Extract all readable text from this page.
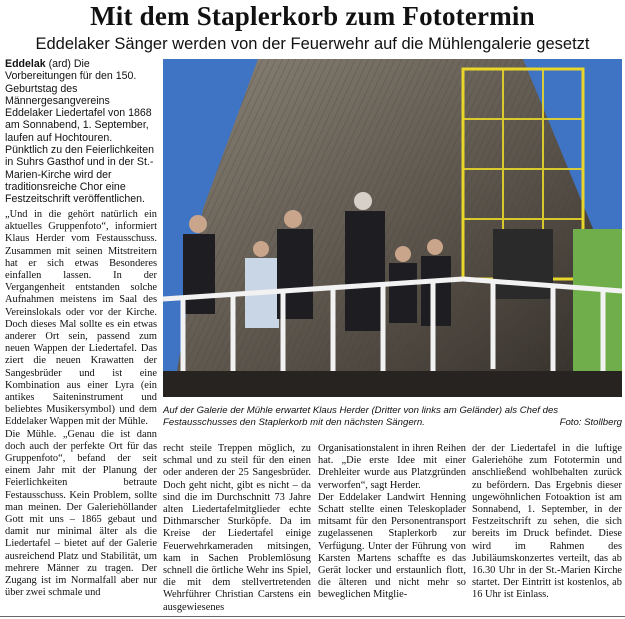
Mit dem Staplerkorb zum Fototermin
Eddelaker Sänger werden von der Feuerwehr auf die Mühlengalerie gesetzt
Eddelak (ard) Die Vorbereitungen für den 150. Geburtstag des Männergesangvereins Eddelaker Liedertafel von 1868 am Sonnabend, 1. September, laufen auf Hochtouren. Pünktlich zu den Feierlichkeiten in Suhrs Gasthof und in der St.-Marien-Kirche wird der traditionsreiche Chor eine Festzeitschrift veröffentlichen.
„Und in die gehört natürlich ein aktuelles Gruppenfoto“, informiert Klaus Herder vom Festausschuss. Zusammen mit seinen Mitstreitern hat er sich etwas Besonderes einfallen lassen. In der Vergangenheit entstanden solche Aufnahmen meistens im Saal des Vereinslokals oder vor der Kirche. Doch dieses Mal sollte es ein etwas anderer Ort sein, passend zum neuen Wappen der Liedertafel. Das ziert die neuen Krawatten der Sangesbrüder und ist eine Kombination aus einer Lyra (ein antikes Saiteninstrument und beliebtes Musikersymbol) und dem Eddelaker Wappen mit der Mühle.
Die Mühle. „Genau die ist dann doch auch der perfekte Ort für das Gruppenfoto“, befand der seit einem Jahr mit der Planung der Feierlichkeiten betraute Festausschuss. Kein Problem, sollte man meinen. Der Galeriehöllander Gott mit uns – 1865 gebaut und damit nur minimal älter als die Liedertafel – bietet auf der Galerie ausreichend Platz und Stabilität, um mehrere Männer zu tragen. Der Zugang ist im Normalfall aber nur über zwei schmale und
Auf der Galerie der Mühle erwartet Klaus Herder (Dritter von links am Geländer) als Chef des Festausschusses den Staplerkorb mit den nächsten Sängern.	Foto: Stollberg
recht steile Treppen möglich, zu schmal und zu steil für den einen oder anderen der 25 Sangesbrüder. Doch geht nicht, gibt es nicht – da sind die im Durchschnitt 73 Jahre alten Liedertafelmitglieder echte Dithmarscher Sturköpfe. Da im Kreise der Liedertafel einige Feuerwehrkameraden mitsingen, kam in Sachen Problemlösung schnell die örtliche Wehr ins Spiel, die mit dem stellvertretenden Wehrführer Christian Carstens ein ausgewiesenes
Organisationstalent in ihren Reihen hat. „Die erste Idee mit einer Drehleiter wurde aus Platzgründen verworfen“, sagt Herder.
Der Eddelaker Landwirt Henning Schatt stellte einen Teleskoplader mitsamt für den Personentransport zugelassenen Staplerkorb zur Verfügung. Unter der Führung von Karsten Martens schaffte es das Gerät locker und erstaunlich flott, die älteren und nicht mehr so beweglichen Mitglie-
der der Liedertafel in die luftige Galeriehöhe zum Fototermin und anschließend wohlbehalten zurück zu befördern. Das Ergebnis dieser ungewöhnlichen Fotoaktion ist am Sonnabend, 1. September, in der Festzeitschrift zu sehen, die sich bereits im Druck befindet. Diese wird im Rahmen des Jubiläumskonzertes verteilt, das ab 16.30 Uhr in der St.-Marien Kirche startet. Der Eintritt ist kostenlos, ab 16 Uhr ist Einlass.
